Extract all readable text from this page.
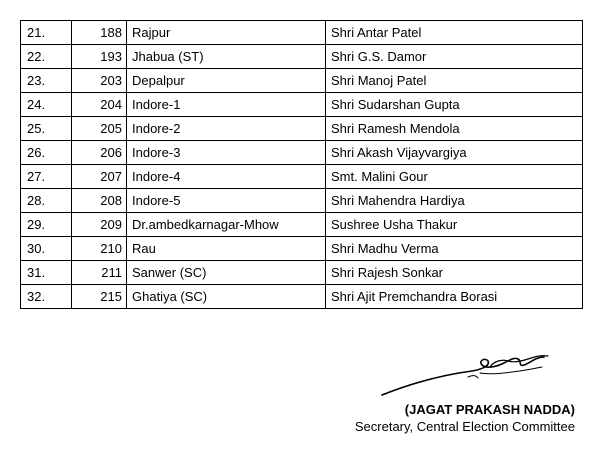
21.	188	Rajpur	Shri Antar Patel
22.	193	Jhabua (ST)	Shri G.S. Damor
23.	203	Depalpur	Shri Manoj Patel
24.	204	Indore-1	Shri Sudarshan Gupta
25.	205	Indore-2	Shri Ramesh Mendola
26.	206	Indore-3	Shri Akash Vijayvargiya
27.	207	Indore-4	Smt. Malini Gour
28.	208	Indore-5	Shri Mahendra Hardiya
29.	209	Dr.ambedkarnagar-Mhow	Sushree Usha Thakur
30.	210	Rau	Shri Madhu Verma
31.	211	Sanwer (SC)	Shri Rajesh Sonkar
32.	215	Ghatiya (SC)	Shri Ajit Premchandra Borasi
(JAGAT PRAKASH NADDA)
Secretary, Central Election Committee
